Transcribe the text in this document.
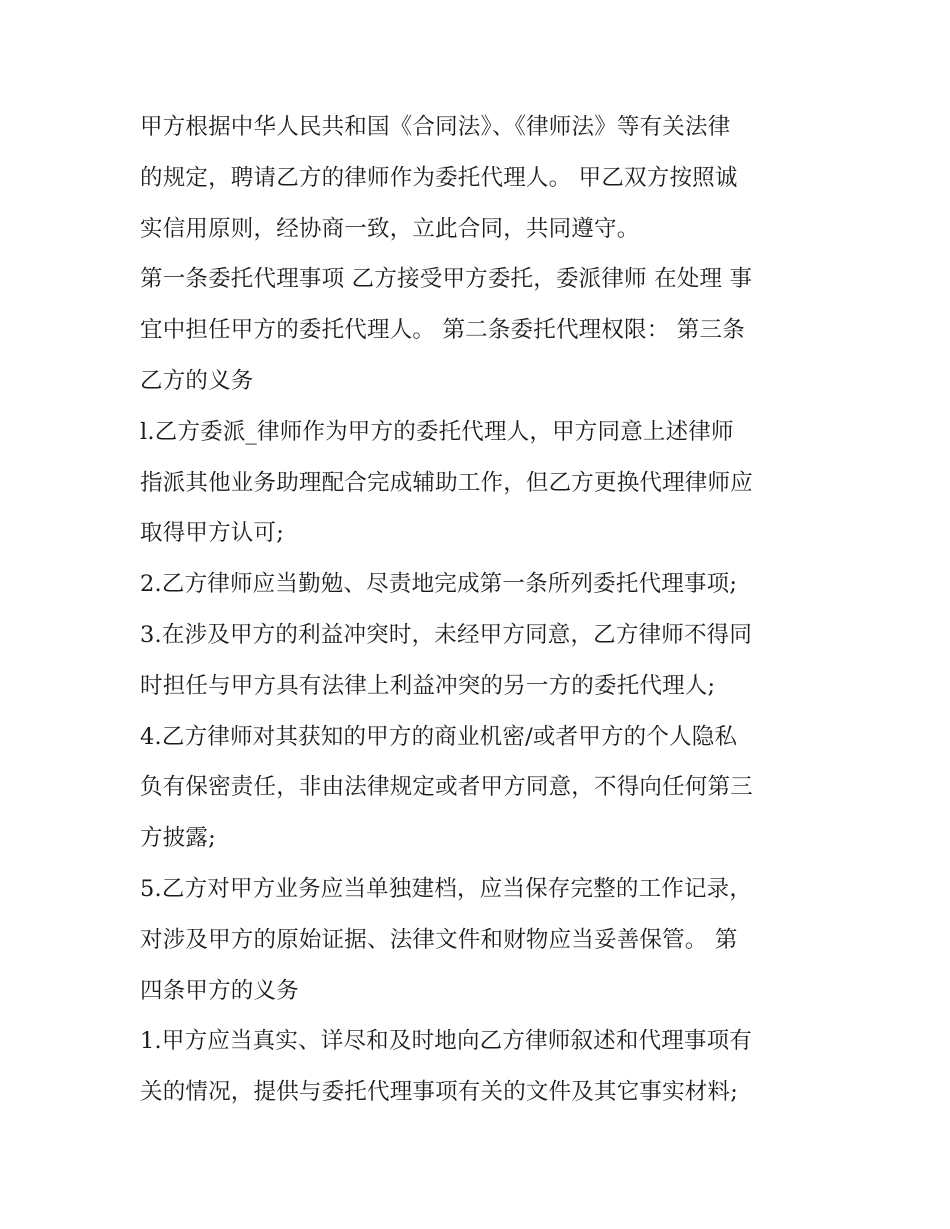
甲方根据中华人民共和国《合同法》、《律师法》等有关法律
的规定，聘请乙方的律师作为委托代理人。 甲乙双方按照诚
实信用原则，经协商一致，立此合同，共同遵守。
第一条委托代理事项 乙方接受甲方委托，委派律师 在处理 事
宜中担任甲方的委托代理人。 第二条委托代理权限： 第三条
乙方的义务
l.乙方委派_律师作为甲方的委托代理人，甲方同意上述律师
指派其他业务助理配合完成辅助工作，但乙方更换代理律师应
取得甲方认可;
2.乙方律师应当勤勉、尽责地完成第一条所列委托代理事项;
3.在涉及甲方的利益冲突时，未经甲方同意，乙方律师不得同
时担任与甲方具有法律上利益冲突的另一方的委托代理人;
4.乙方律师对其获知的甲方的商业机密/或者甲方的个人隐私
负有保密责任，非由法律规定或者甲方同意，不得向任何第三
方披露;
5.乙方对甲方业务应当单独建档，应当保存完整的工作记录，
对涉及甲方的原始证据、法律文件和财物应当妥善保管。 第
四条甲方的义务
1.甲方应当真实、详尽和及时地向乙方律师叙述和代理事项有
关的情况，提供与委托代理事项有关的文件及其它事实材料;
